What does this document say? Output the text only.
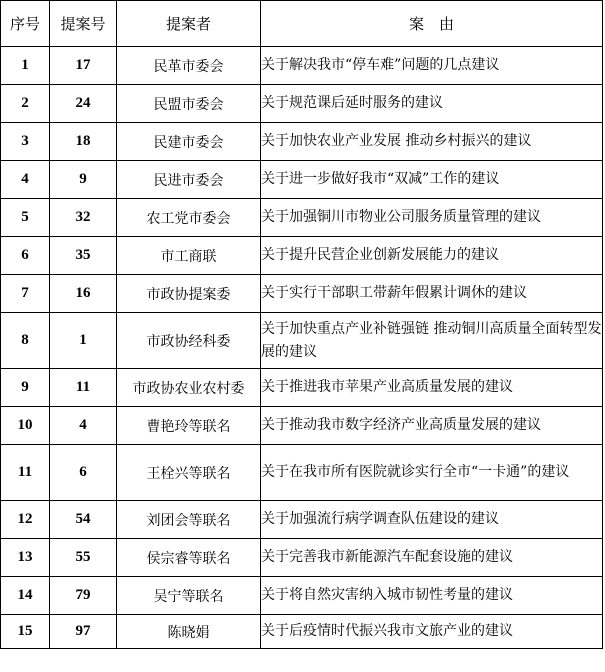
序号	提案号	提案者	案　由
1	17	民革市委会	关于解决我市“停车难”问题的几点建议
2	24	民盟市委会	关于规范课后延时服务的建议
3	18	民建市委会	关于加快农业产业发展 推动乡村振兴的建议
4	9	民进市委会	关于进一步做好我市“双减”工作的建议
5	32	农工党市委会	关于加强铜川市物业公司服务质量管理的建议
6	35	市工商联	关于提升民营企业创新发展能力的建议
7	16	市政协提案委	关于实行干部职工带薪年假累计调休的建议
8	1	市政协经科委	关于加快重点产业补链强链 推动铜川高质量全面转型发展的建议
9	11	市政协农业农村委	关于推进我市苹果产业高质量发展的建议
10	4	曹艳玲等联名	关于推动我市数字经济产业高质量发展的建议
11	6	王栓兴等联名	关于在我市所有医院就诊实行全市“一卡通”的建议
12	54	刘团会等联名	关于加强流行病学调查队伍建设的建议
13	55	侯宗睿等联名	关于完善我市新能源汽车配套设施的建议
14	79	吴宁等联名	关于将自然灾害纳入城市韧性考量的建议
15	97	陈晓娟	关于后疫情时代振兴我市文旅产业的建议
